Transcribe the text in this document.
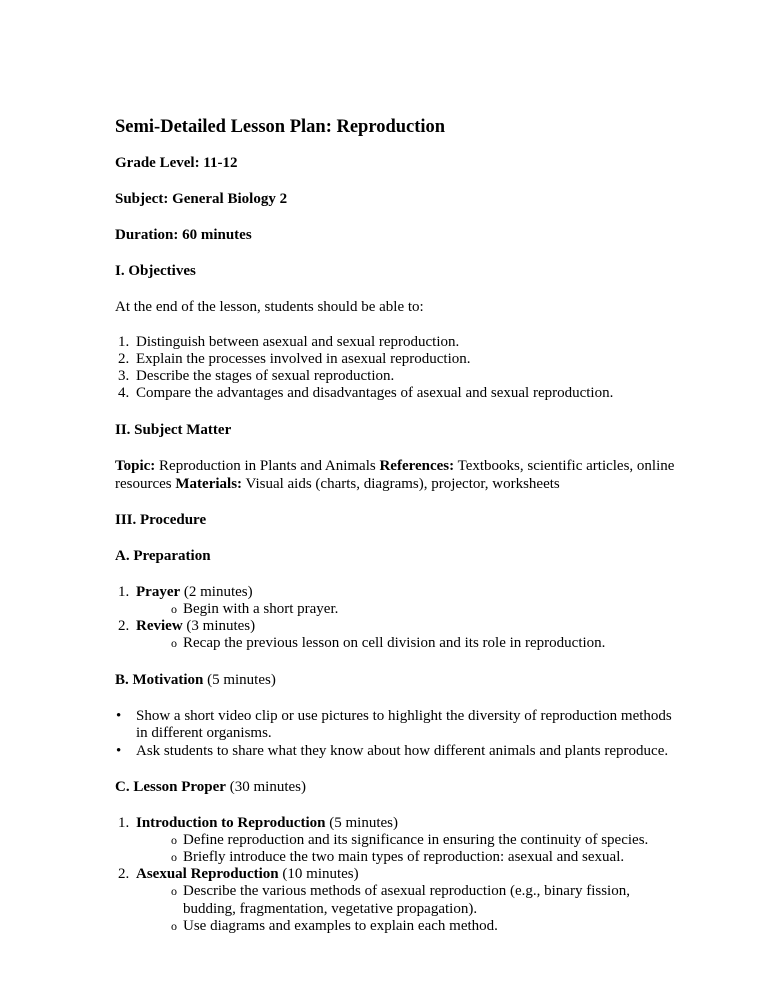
Semi-Detailed Lesson Plan: Reproduction
Grade Level: 11-12
Subject: General Biology 2
Duration: 60 minutes
I. Objectives
At the end of the lesson, students should be able to:
1. Distinguish between asexual and sexual reproduction.
2. Explain the processes involved in asexual reproduction.
3. Describe the stages of sexual reproduction.
4. Compare the advantages and disadvantages of asexual and sexual reproduction.
II. Subject Matter
Topic: Reproduction in Plants and Animals References: Textbooks, scientific articles, online
resources Materials: Visual aids (charts, diagrams), projector, worksheets
III. Procedure
A. Preparation
1. Prayer (2 minutes)
o Begin with a short prayer.
2. Review (3 minutes)
o Recap the previous lesson on cell division and its role in reproduction.
B. Motivation (5 minutes)
• Show a short video clip or use pictures to highlight the diversity of reproduction methods
in different organisms.
• Ask students to share what they know about how different animals and plants reproduce.
C. Lesson Proper (30 minutes)
1. Introduction to Reproduction (5 minutes)
o Define reproduction and its significance in ensuring the continuity of species.
o Briefly introduce the two main types of reproduction: asexual and sexual.
2. Asexual Reproduction (10 minutes)
o Describe the various methods of asexual reproduction (e.g., binary fission,
budding, fragmentation, vegetative propagation).
o Use diagrams and examples to explain each method.
